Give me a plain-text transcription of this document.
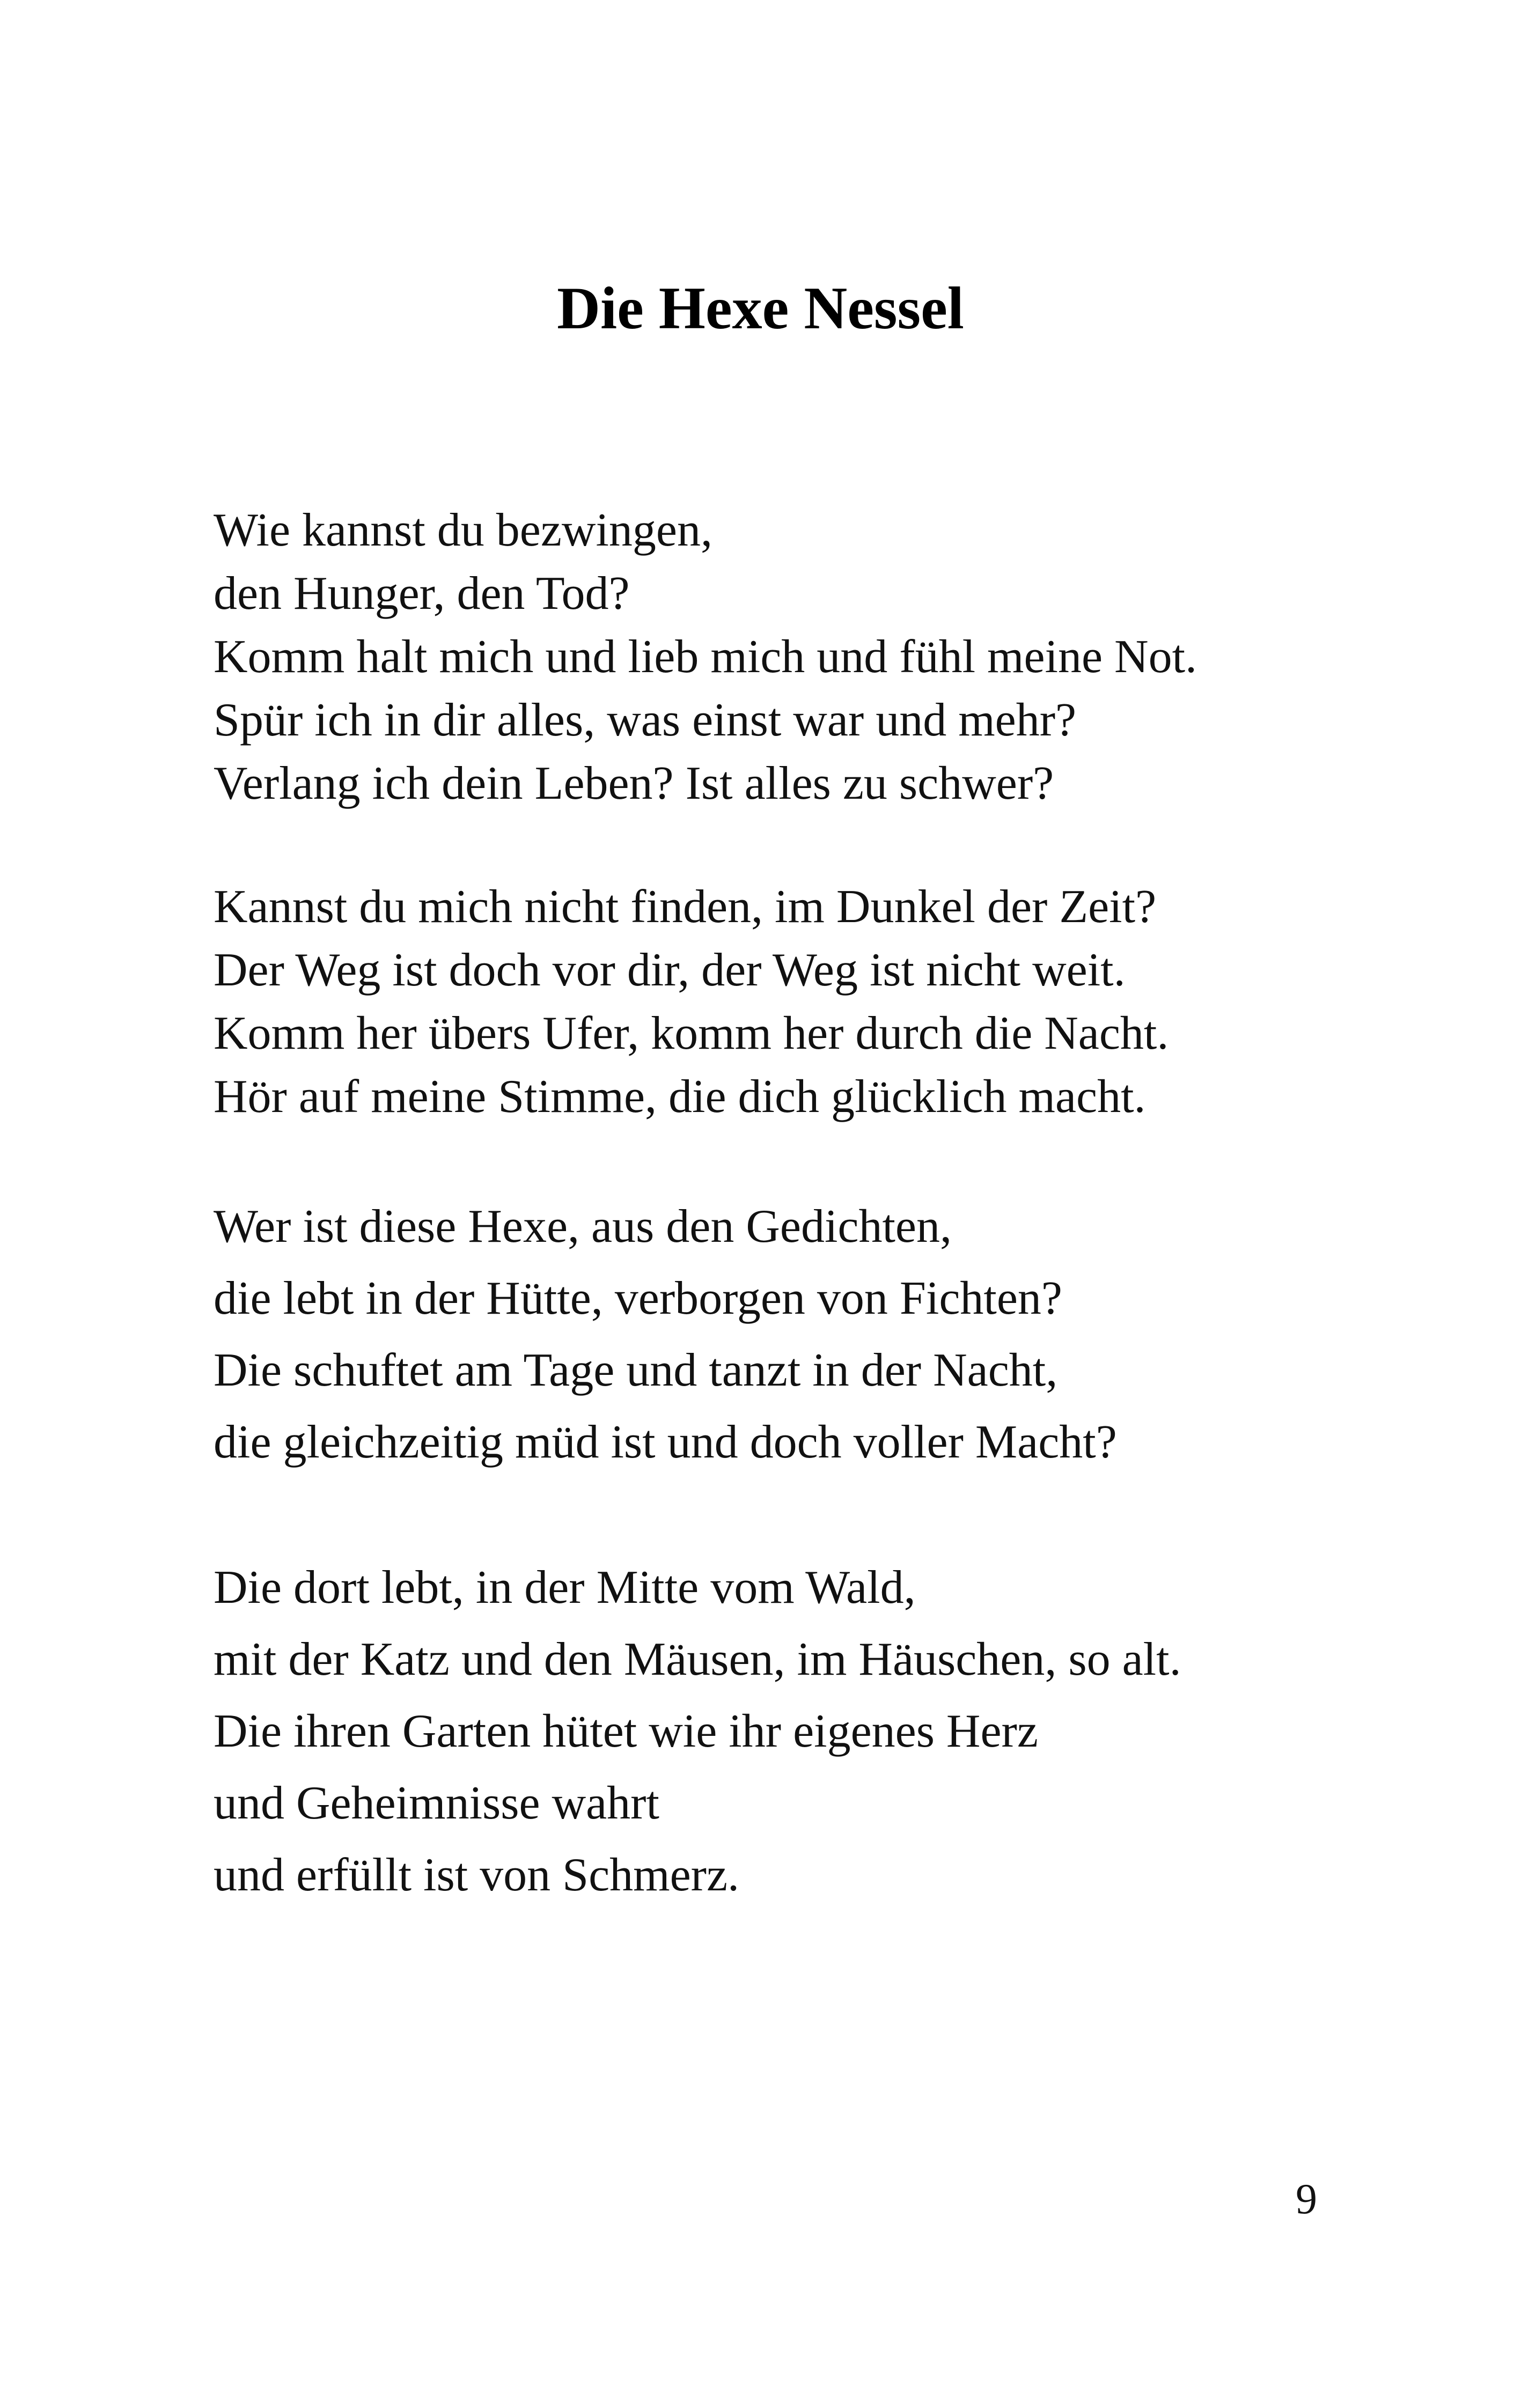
Die Hexe Nessel
Wie kannst du bezwingen,
den Hunger, den Tod?
Komm halt mich und lieb mich und fühl meine Not.
Spür ich in dir alles, was einst war und mehr?
Verlang ich dein Leben? Ist alles zu schwer?
Kannst du mich nicht finden, im Dunkel der Zeit?
Der Weg ist doch vor dir, der Weg ist nicht weit.
Komm her übers Ufer, komm her durch die Nacht.
Hör auf meine Stimme, die dich glücklich macht.
Wer ist diese Hexe, aus den Gedichten,
die lebt in der Hütte, verborgen von Fichten?
Die schuftet am Tage und tanzt in der Nacht,
die gleichzeitig müd ist und doch voller Macht?
Die dort lebt, in der Mitte vom Wald,
mit der Katz und den Mäusen, im Häuschen, so alt.
Die ihren Garten hütet wie ihr eigenes Herz
und Geheimnisse wahrt
und erfüllt ist von Schmerz.
9
